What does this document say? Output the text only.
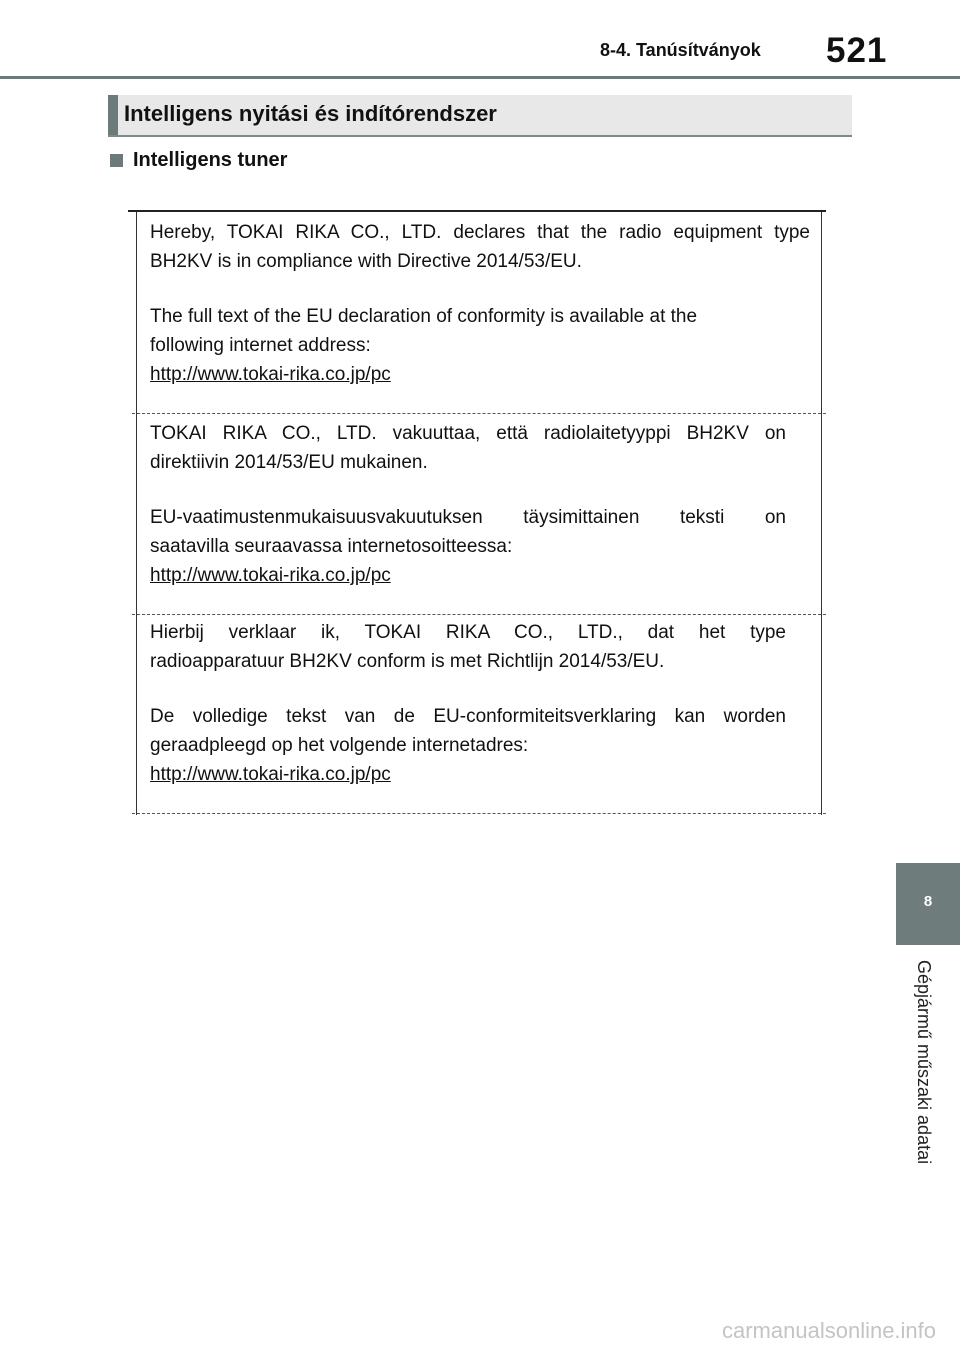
8-4. Tanúsítványok 521
Intelligens nyitási és indítórendszer
Intelligens tuner
Hereby, TOKAI RIKA CO., LTD. declares that the radio equipment type
BH2KV is in compliance with Directive 2014/53/EU.
The full text of the EU declaration of conformity is available at the
following internet address:
http://www.tokai-rika.co.jp/pc
TOKAI RIKA CO., LTD. vakuuttaa, että radiolaitetyyppi BH2KV on
direktiivin 2014/53/EU mukainen.
EU-vaatimustenmukaisuusvakuutuksen täysimittainen teksti on
saatavilla seuraavassa internetosoitteessa:
http://www.tokai-rika.co.jp/pc
Hierbij verklaar ik, TOKAI RIKA CO., LTD., dat het type
radioapparatuur BH2KV conform is met Richtlijn 2014/53/EU.
De volledige tekst van de EU-conformiteitsverklaring kan worden
geraadpleegd op het volgende internetadres:
http://www.tokai-rika.co.jp/pc
8
Gépjármű műszaki adatai
carmanualsonline.info
